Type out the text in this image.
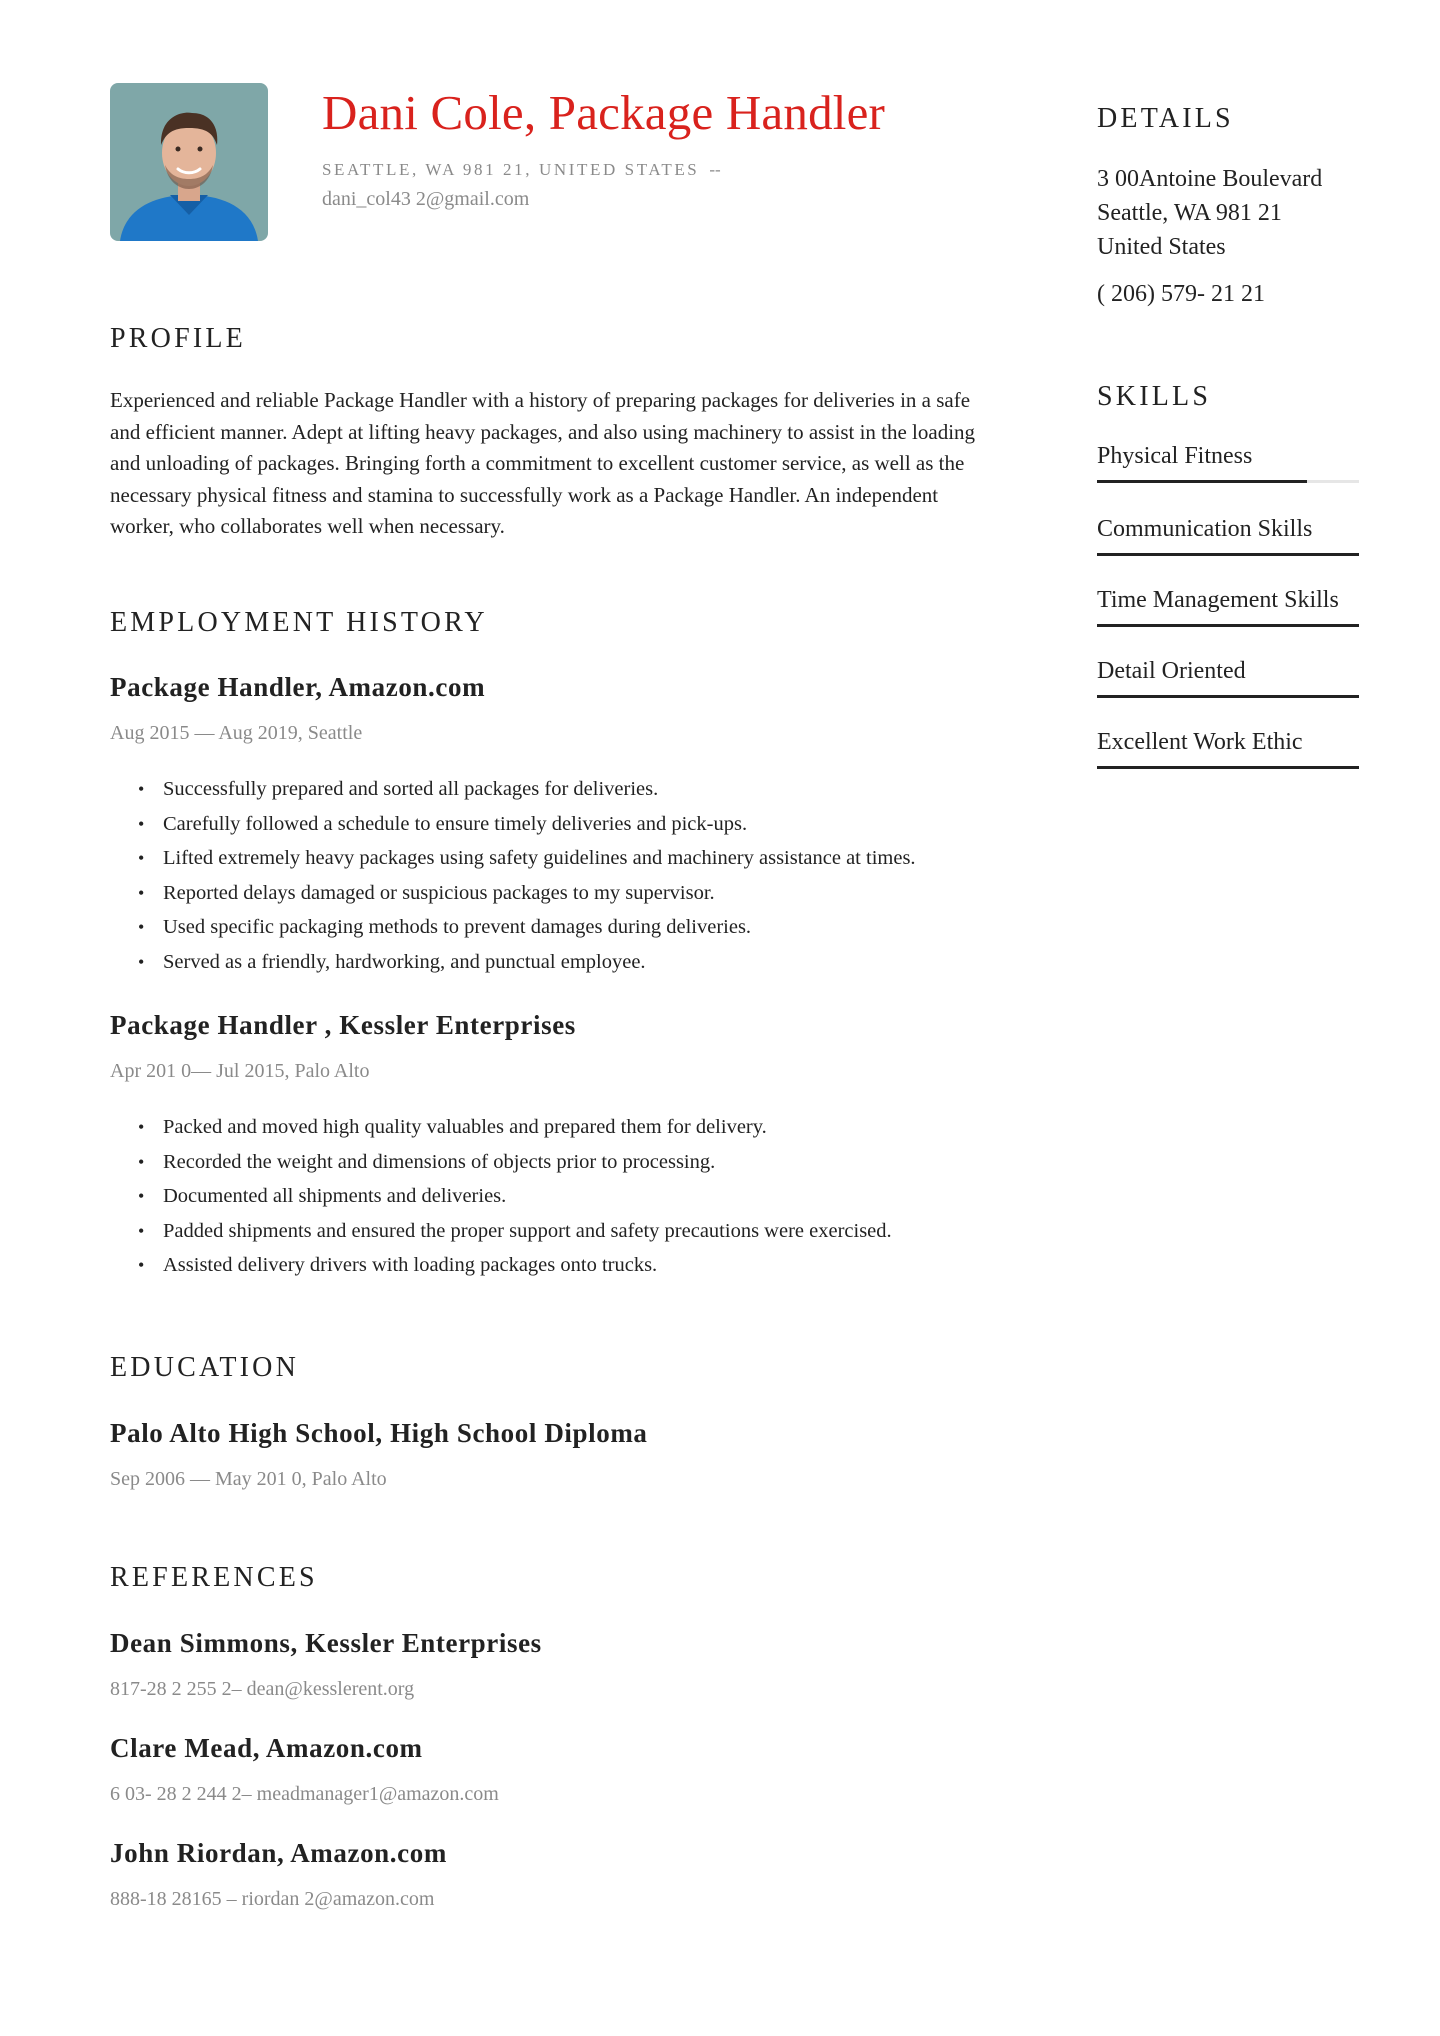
Dani Cole, Package Handler
SEATTLE, WA 981 21, UNITED STATES --
dani_col43 2@gmail.com
PROFILE

Experienced and reliable Package Handler with a history of preparing packages for deliveries in a safe and efficient manner. Adept at lifting heavy packages, and also using machinery to assist in the loading and unloading of packages. Bringing forth a commitment to excellent customer service, as well as the necessary physical fitness and stamina to successfully work as a Package Handler. An independent worker, who collaborates well when necessary.

EMPLOYMENT HISTORY
Package Handler, Amazon.com
Aug 2015 — Aug 2019, Seattle
• Successfully prepared and sorted all packages for deliveries.
• Carefully followed a schedule to ensure timely deliveries and pick-ups.
• Lifted extremely heavy packages using safety guidelines and machinery assistance at times.
• Reported delays damaged or suspicious packages to my supervisor.
• Used specific packaging methods to prevent damages during deliveries.
• Served as a friendly, hardworking, and punctual employee.
Package Handler , Kessler Enterprises
Apr 201 0— Jul 2015, Palo Alto
• Packed and moved high quality valuables and prepared them for delivery.
• Recorded the weight and dimensions of objects prior to processing.
• Documented all shipments and deliveries.
• Padded shipments and ensured the proper support and safety precautions were exercised.
• Assisted delivery drivers with loading packages onto trucks.
EDUCATION
Palo Alto High School, High School Diploma
Sep 2006 — May 201 0, Palo Alto
REFERENCES
Dean Simmons, Kessler Enterprises
817-28 2 255 2– dean@kesslerent.org
Clare Mead, Amazon.com
6 03- 28 2 244 2– meadmanager1@amazon.com
John Riordan, Amazon.com
888-18 28165 – riordan 2@amazon.com
DETAILS
3 00Antoine Boulevard
Seattle, WA 981 21
United States
( 206) 579- 21 21
SKILLS
Physical Fitness
Communication Skills
Time Management Skills
Detail Oriented
Excellent Work Ethic
